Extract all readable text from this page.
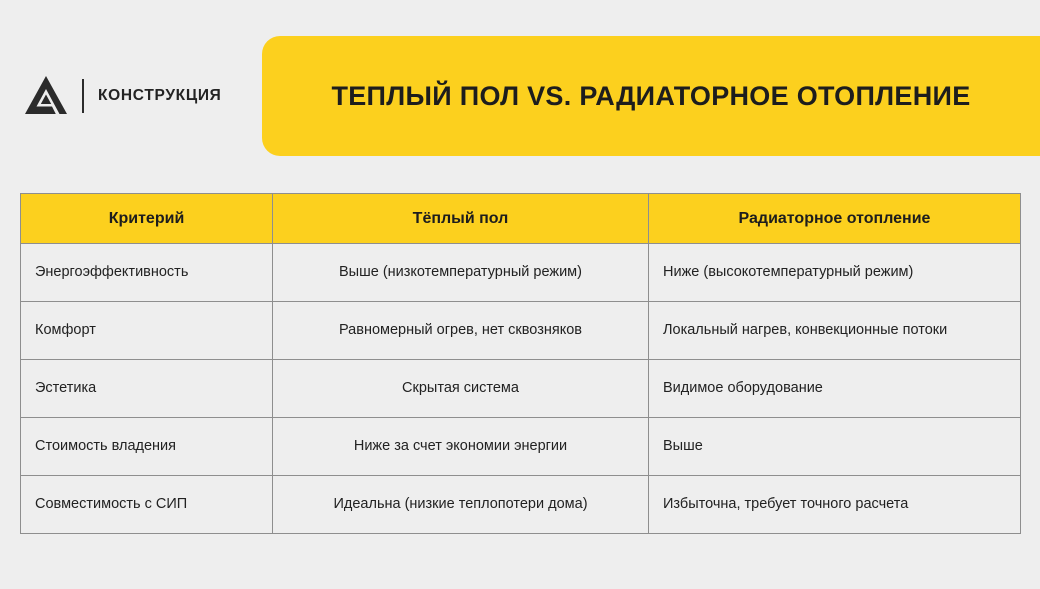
КОНСТРУКЦИЯ	ТЕПЛЫЙ ПОЛ VS. РАДИАТОРНОЕ ОТОПЛЕНИЕ
Критерий	Тёплый пол	Радиаторное отопление
Энергоэффективность	Выше (низкотемпературный режим)	Ниже (высокотемпературный режим)
Комфорт	Равномерный огрев, нет сквозняков	Локальный нагрев, конвекционные потоки
Эстетика	Скрытая система	Видимое оборудование
Стоимость владения	Ниже за счет экономии энергии	Выше
Совместимость с СИП	Идеальна (низкие теплопотери дома)	Избыточна, требует точного расчета
